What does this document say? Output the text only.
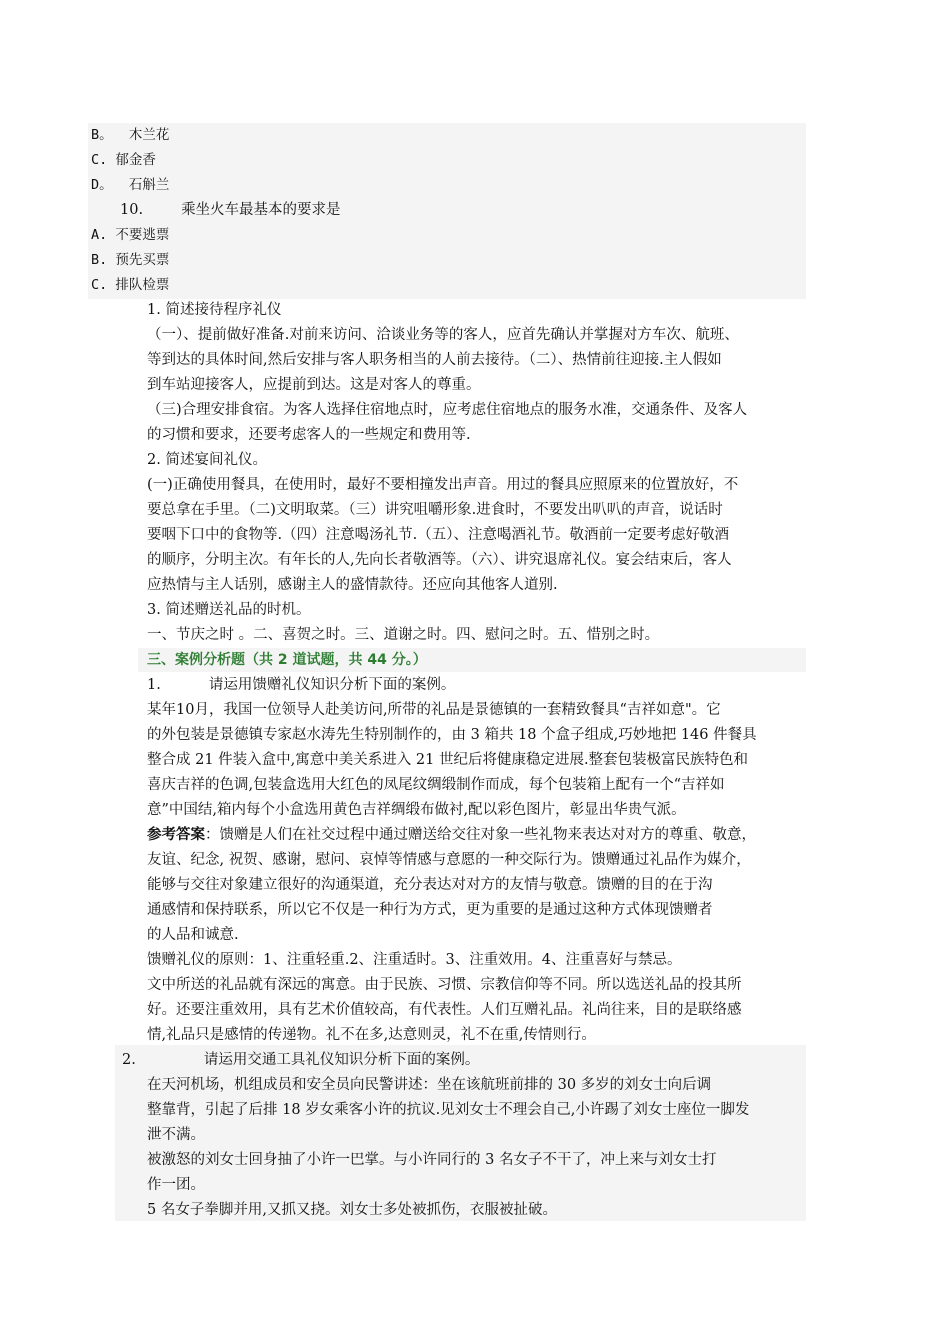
B。 木兰花
C. 郁金香
D。 石斛兰
10.	乘坐火车最基本的要求是
A. 不要逃票
B. 预先买票
C. 排队检票
1. 简述接待程序礼仪
（一）、提前做好准备.对前来访问、洽谈业务等的客人，应首先确认并掌握对方车次、航班、
等到达的具体时间,然后安排与客人职务相当的人前去接待。（二）、热情前往迎接.主人假如
到车站迎接客人，应提前到达。这是对客人的尊重。
（三)合理安排食宿。为客人选择住宿地点时，应考虑住宿地点的服务水准，交通条件、及客人
的习惯和要求，还要考虑客人的一些规定和费用等.
2. 简述宴间礼仪。
(一)正确使用餐具，在使用时，最好不要相撞发出声音。用过的餐具应照原来的位置放好，不
要总拿在手里。（二)文明取菜。（三）讲究咀嚼形象.进食时，不要发出叭叭的声音，说话时
要咽下口中的食物等.（四）注意喝汤礼节.（五）、注意喝酒礼节。敬酒前一定要考虑好敬酒
的顺序，分明主次。有年长的人,先向长者敬酒等。（六）、讲究退席礼仪。宴会结束后，客人
应热情与主人话别，感谢主人的盛情款待。还应向其他客人道别.
3. 简述赠送礼品的时机。
一、节庆之时 。二、喜贺之时。三、道谢之时。四、慰问之时。五、惜别之时。
三、案例分析题（共 2 道试题，共 44 分。）
1.	请运用馈赠礼仪知识分析下面的案例。
某年10月，我国一位领导人赴美访问,所带的礼品是景德镇的一套精致餐具“吉祥如意"。它
的外包装是景德镇专家赵水涛先生特别制作的，由 3 箱共 18 个盒子组成,巧妙地把 146 件餐具
整合成 21 件装入盒中,寓意中美关系进入 21 世纪后将健康稳定进展.整套包装极富民族特色和
喜庆吉祥的色调,包装盒选用大红色的凤尾纹绸缎制作而成，每个包装箱上配有一个“吉祥如
意”中国结,箱内每个小盒选用黄色吉祥绸缎布做衬,配以彩色图片，彰显出华贵气派。
参考答案：馈赠是人们在社交过程中通过赠送给交往对象一些礼物来表达对对方的尊重、敬意，
友谊、纪念, 祝贺、感谢，慰问、哀悼等情感与意愿的一种交际行为。馈赠通过礼品作为媒介，
能够与交往对象建立很好的沟通渠道，充分表达对对方的友情与敬意。馈赠的目的在于沟
通感情和保持联系，所以它不仅是一种行为方式，更为重要的是通过这种方式体现馈赠者
的人品和诚意.
馈赠礼仪的原则：1、注重轻重.2、注重适时。3、注重效用。4、注重喜好与禁忌。
文中所送的礼品就有深远的寓意。由于民族、习惯、宗教信仰等不同。所以选送礼品的投其所
好。还要注重效用，具有艺术价值较高，有代表性。人们互赠礼品。礼尚往来，目的是联络感
情,礼品只是感情的传递物。礼不在多,达意则灵，礼不在重,传情则行。
2.	请运用交通工具礼仪知识分析下面的案例。
在天河机场，机组成员和安全员向民警讲述：坐在该航班前排的 30 多岁的刘女士向后调
整靠背，引起了后排 18 岁女乘客小许的抗议.见刘女士不理会自己,小许踢了刘女士座位一脚发
泄不满。
被激怒的刘女士回身抽了小许一巴掌。与小许同行的 3 名女子不干了，冲上来与刘女士打
作一团。
5 名女子拳脚并用,又抓又挠。刘女士多处被抓伤，衣服被扯破。
